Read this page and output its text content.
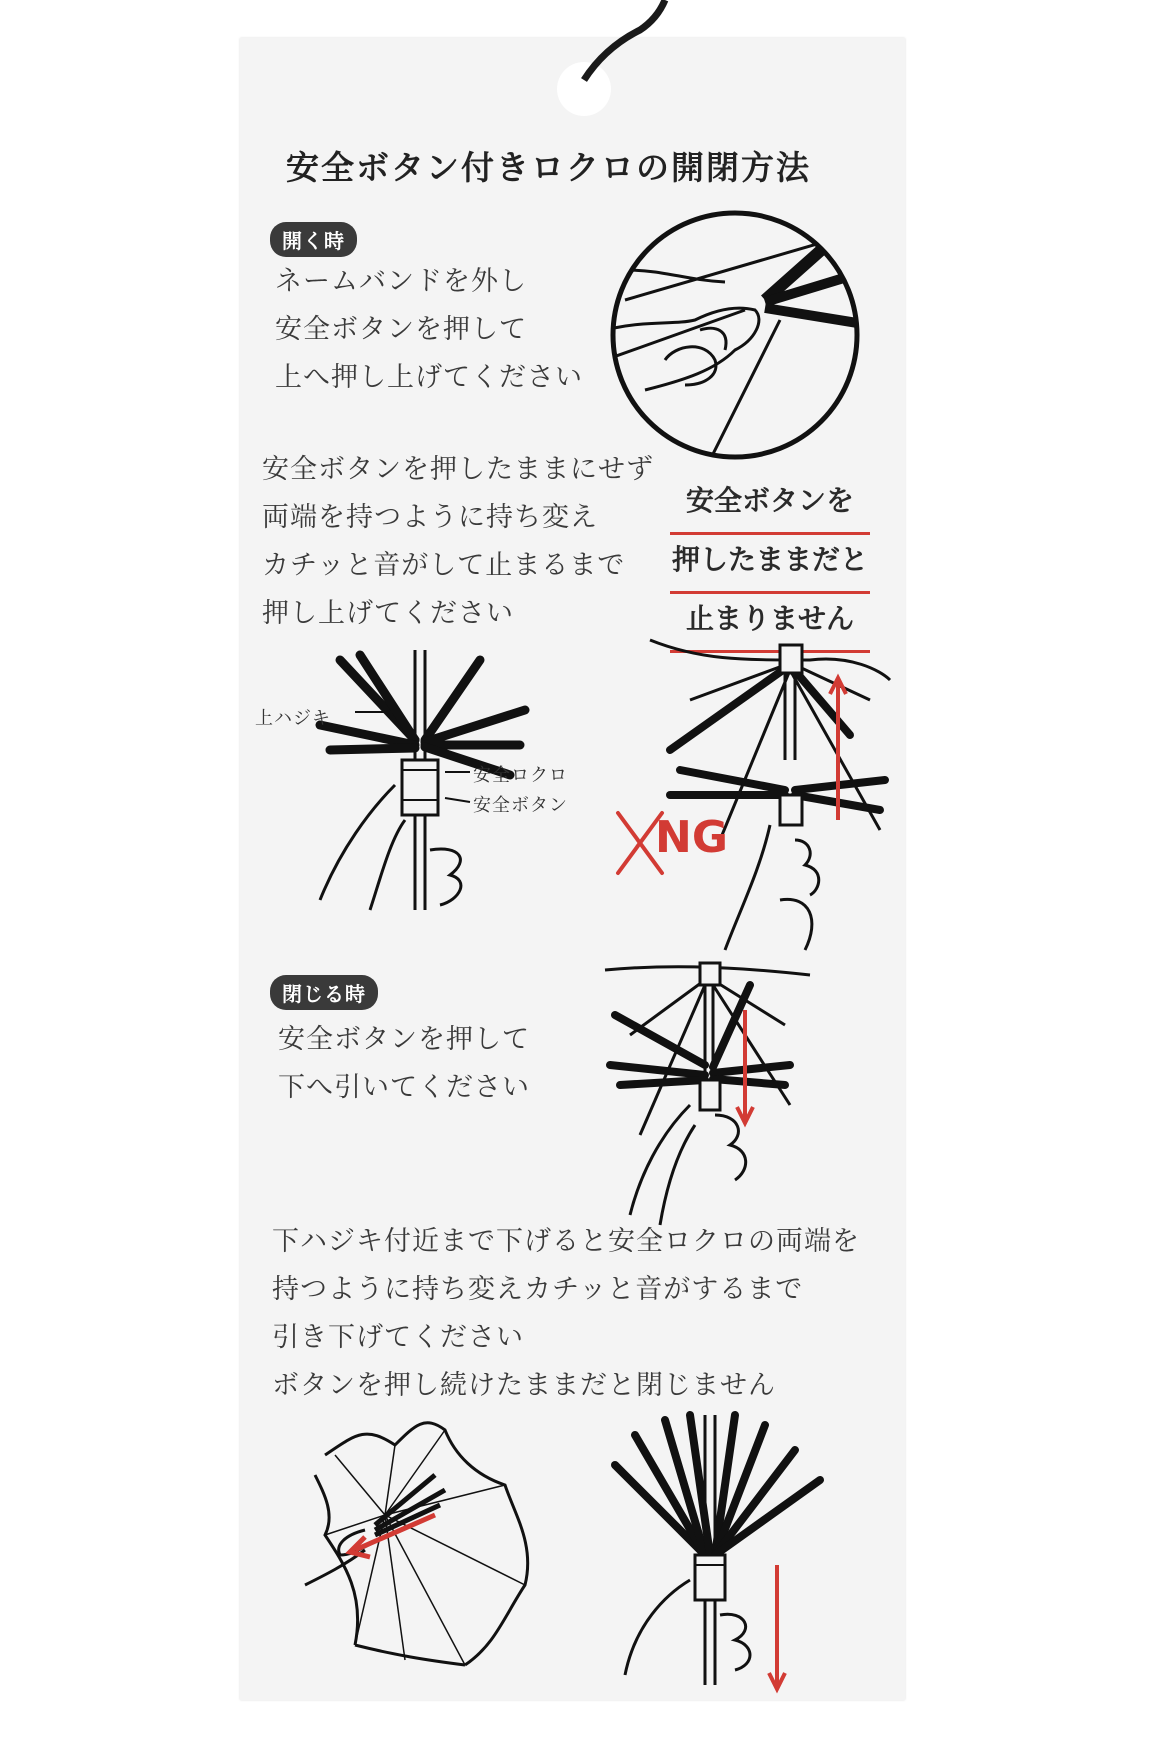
安全ボタン付きロクロの開閉方法
開く時
ネームバンドを外し
安全ボタンを押して
上へ押し上げてください
安全ボタンを押したままにせず
両端を持つように持ち変え
カチッと音がして止まるまで
押し上げてください
安全ボタンを
押したままだと
止まりません
上ハジキ
安全ロクロ
安全ボタン
NG
閉じる時
安全ボタンを押して
下へ引いてください
下ハジキ付近まで下げると安全ロクロの両端を
持つように持ち変えカチッと音がするまで
引き下げてください
ボタンを押し続けたままだと閉じません
